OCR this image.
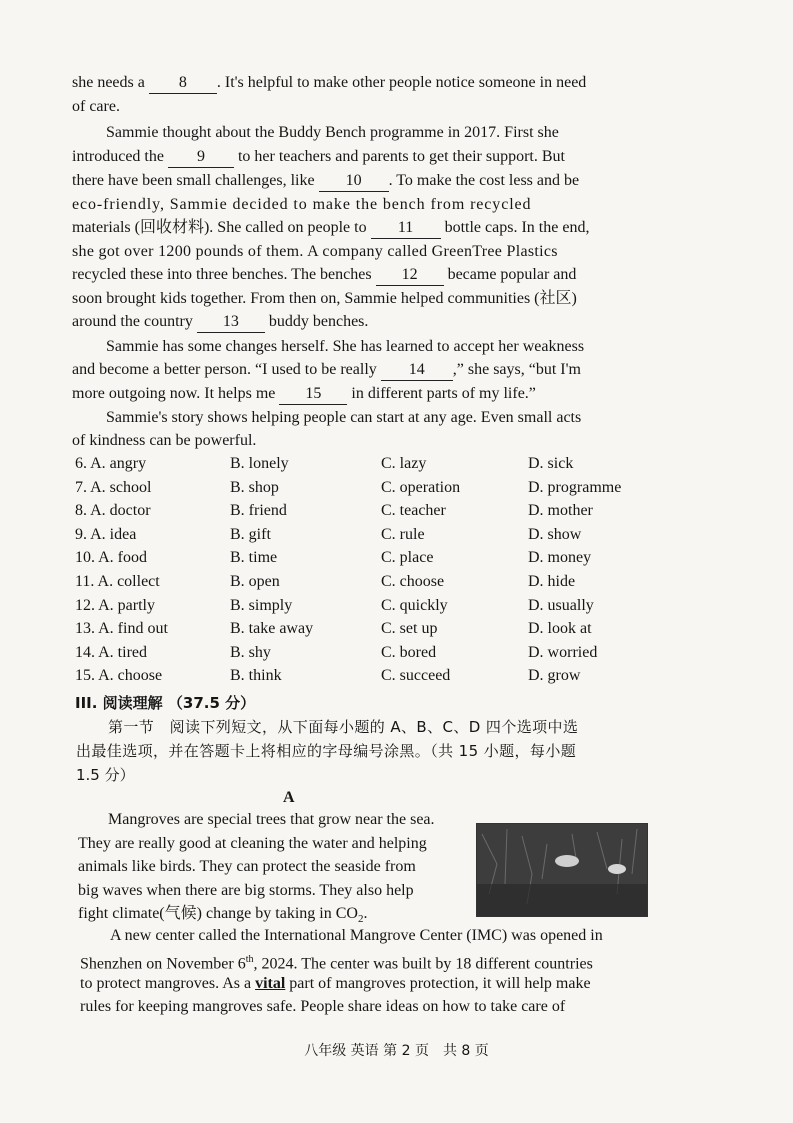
she needs a 8 . It's helpful to make other people notice someone in need
of care.
Sammie thought about the Buddy Bench programme in 2017. First she
introduced the 9 to her teachers and parents to get their support. But
there have been small challenges, like 10 . To make the cost less and be
eco-friendly, Sammie decided to make the bench from recycled
materials (回收材料). She called on people to 11 bottle caps. In the end,
she got over 1200 pounds of them. A company called GreenTree Plastics
recycled these into three benches. The benches 12 became popular and
soon brought kids together. From then on, Sammie helped communities (社区)
around the country 13 buddy benches.
Sammie has some changes herself. She has learned to accept her weakness
and become a better person. “I used to be really 14 ,” she says, “but I'm
more outgoing now. It helps me 15 in different parts of my life.”
Sammie's story shows helping people can start at any age. Even small acts
of kindness can be powerful.
6. A. angry	B. lonely	C. lazy	D. sick
7. A. school	B. shop	C. operation	D. programme
8. A. doctor	B. friend	C. teacher	D. mother
9. A. idea	B. gift	C. rule	D. show
10. A. food	B. time	C. place	D. money
11. A. collect	B. open	C. choose	D. hide
12. A. partly	B. simply	C. quickly	D. usually
13. A. find out	B. take away	C. set up	D. look at
14. A. tired	B. shy	C. bored	D. worried
15. A. choose	B. think	C. succeed	D. grow
III. 阅读理解 （37.5 分）
第一节　阅读下列短文，从下面每小题的 A、B、C、D 四个选项中选
出最佳选项，并在答题卡上将相应的字母编号涂黑。（共 15 小题，每小题
1.5 分）
A
Mangroves are special trees that grow near the sea.
They are really good at cleaning the water and helping
animals like birds. They can protect the seaside from
big waves when there are big storms. They also help
fight climate(气候) change by taking in $CO_2$.
A new center called the International Mangrove Center (IMC) was opened in
Shenzhen on November 6th, 2024. The center was built by 18 different countries
to protect mangroves. As a vital part of mangroves protection, it will help make
rules for keeping mangroves safe. People share ideas on how to take care of
八年级 英语 第 2 页　共 8 页
